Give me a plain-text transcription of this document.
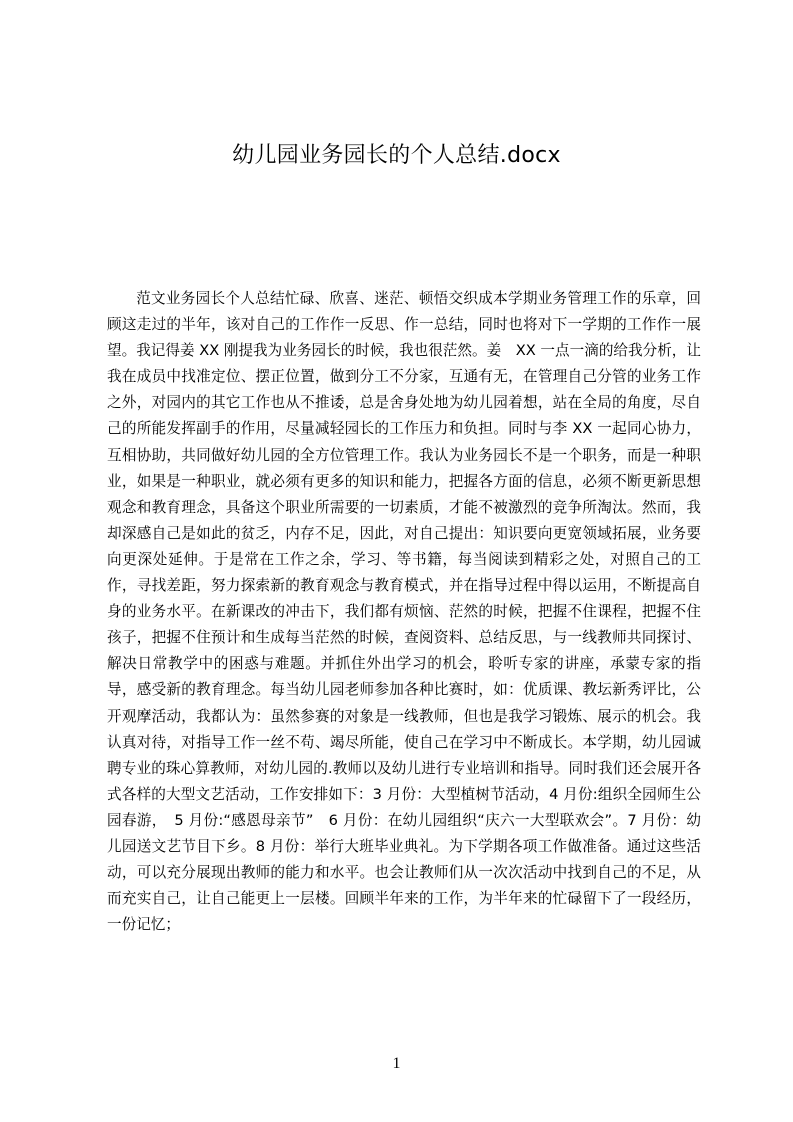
幼儿园业务园长的个人总结.docx

范文业务园长个人总结忙碌、欣喜、迷茫、顿悟交织成本学期业务管理工作的乐章，回顾这走过的半年，该对自己的工作作一反思、作一总结，同时也将对下一学期的工作作一展望。我记得姜 XX 刚提我为业务园长的时候，我也很茫然。姜　XX 一点一滴的给我分析，让我在成员中找准定位、摆正位置，做到分工不分家，互通有无，在管理自己分管的业务工作之外，对园内的其它工作也从不推诿，总是舍身处地为幼儿园着想，站在全局的角度，尽自己的所能发挥副手的作用，尽量减轻园长的工作压力和负担。同时与李 XX 一起同心协力，互相协助，共同做好幼儿园的全方位管理工作。我认为业务园长不是一个职务，而是一种职业，如果是一种职业，就必须有更多的知识和能力，把握各方面的信息，必须不断更新思想观念和教育理念，具备这个职业所需要的一切素质，才能不被激烈的竞争所淘汰。然而，我却深感自己是如此的贫乏，内存不足，因此，对自己提出：知识要向更宽领域拓展，业务要向更深处延伸。于是常在工作之余，学习、等书籍，每当阅读到精彩之处，对照自己的工作，寻找差距，努力探索新的教育观念与教育模式，并在指导过程中得以运用，不断提高自身的业务水平。在新课改的冲击下，我们都有烦恼、茫然的时候，把握不住课程，把握不住孩子，把握不住预计和生成每当茫然的时候，查阅资料、总结反思，与一线教师共同探讨、解决日常教学中的困惑与难题。并抓住外出学习的机会，聆听专家的讲座，承蒙专家的指导，感受新的教育理念。每当幼儿园老师参加各种比赛时，如：优质课、教坛新秀评比，公开观摩活动，我都认为：虽然参赛的对象是一线教师，但也是我学习锻炼、展示的机会。我认真对待，对指导工作一丝不苟、竭尽所能，使自己在学习中不断成长。本学期，幼儿园诚聘专业的珠心算教师，对幼儿园的.教师以及幼儿进行专业培训和指导。同时我们还会展开各式各样的大型文艺活动，工作安排如下：3 月份：大型植树节活动，4 月份:组织全园师生公园春游，　5 月份:“感恩母亲节”　6 月份：在幼儿园组织“庆六一大型联欢会”。7 月份：幼儿园送文艺节目下乡。8 月份：举行大班毕业典礼。为下学期各项工作做准备。通过这些活动，可以充分展现出教师的能力和水平。也会让教师们从一次次活动中找到自己的不足，从而充实自己，让自己能更上一层楼。回顾半年来的工作，为半年来的忙碌留下了一段经历，一份记忆；

1
